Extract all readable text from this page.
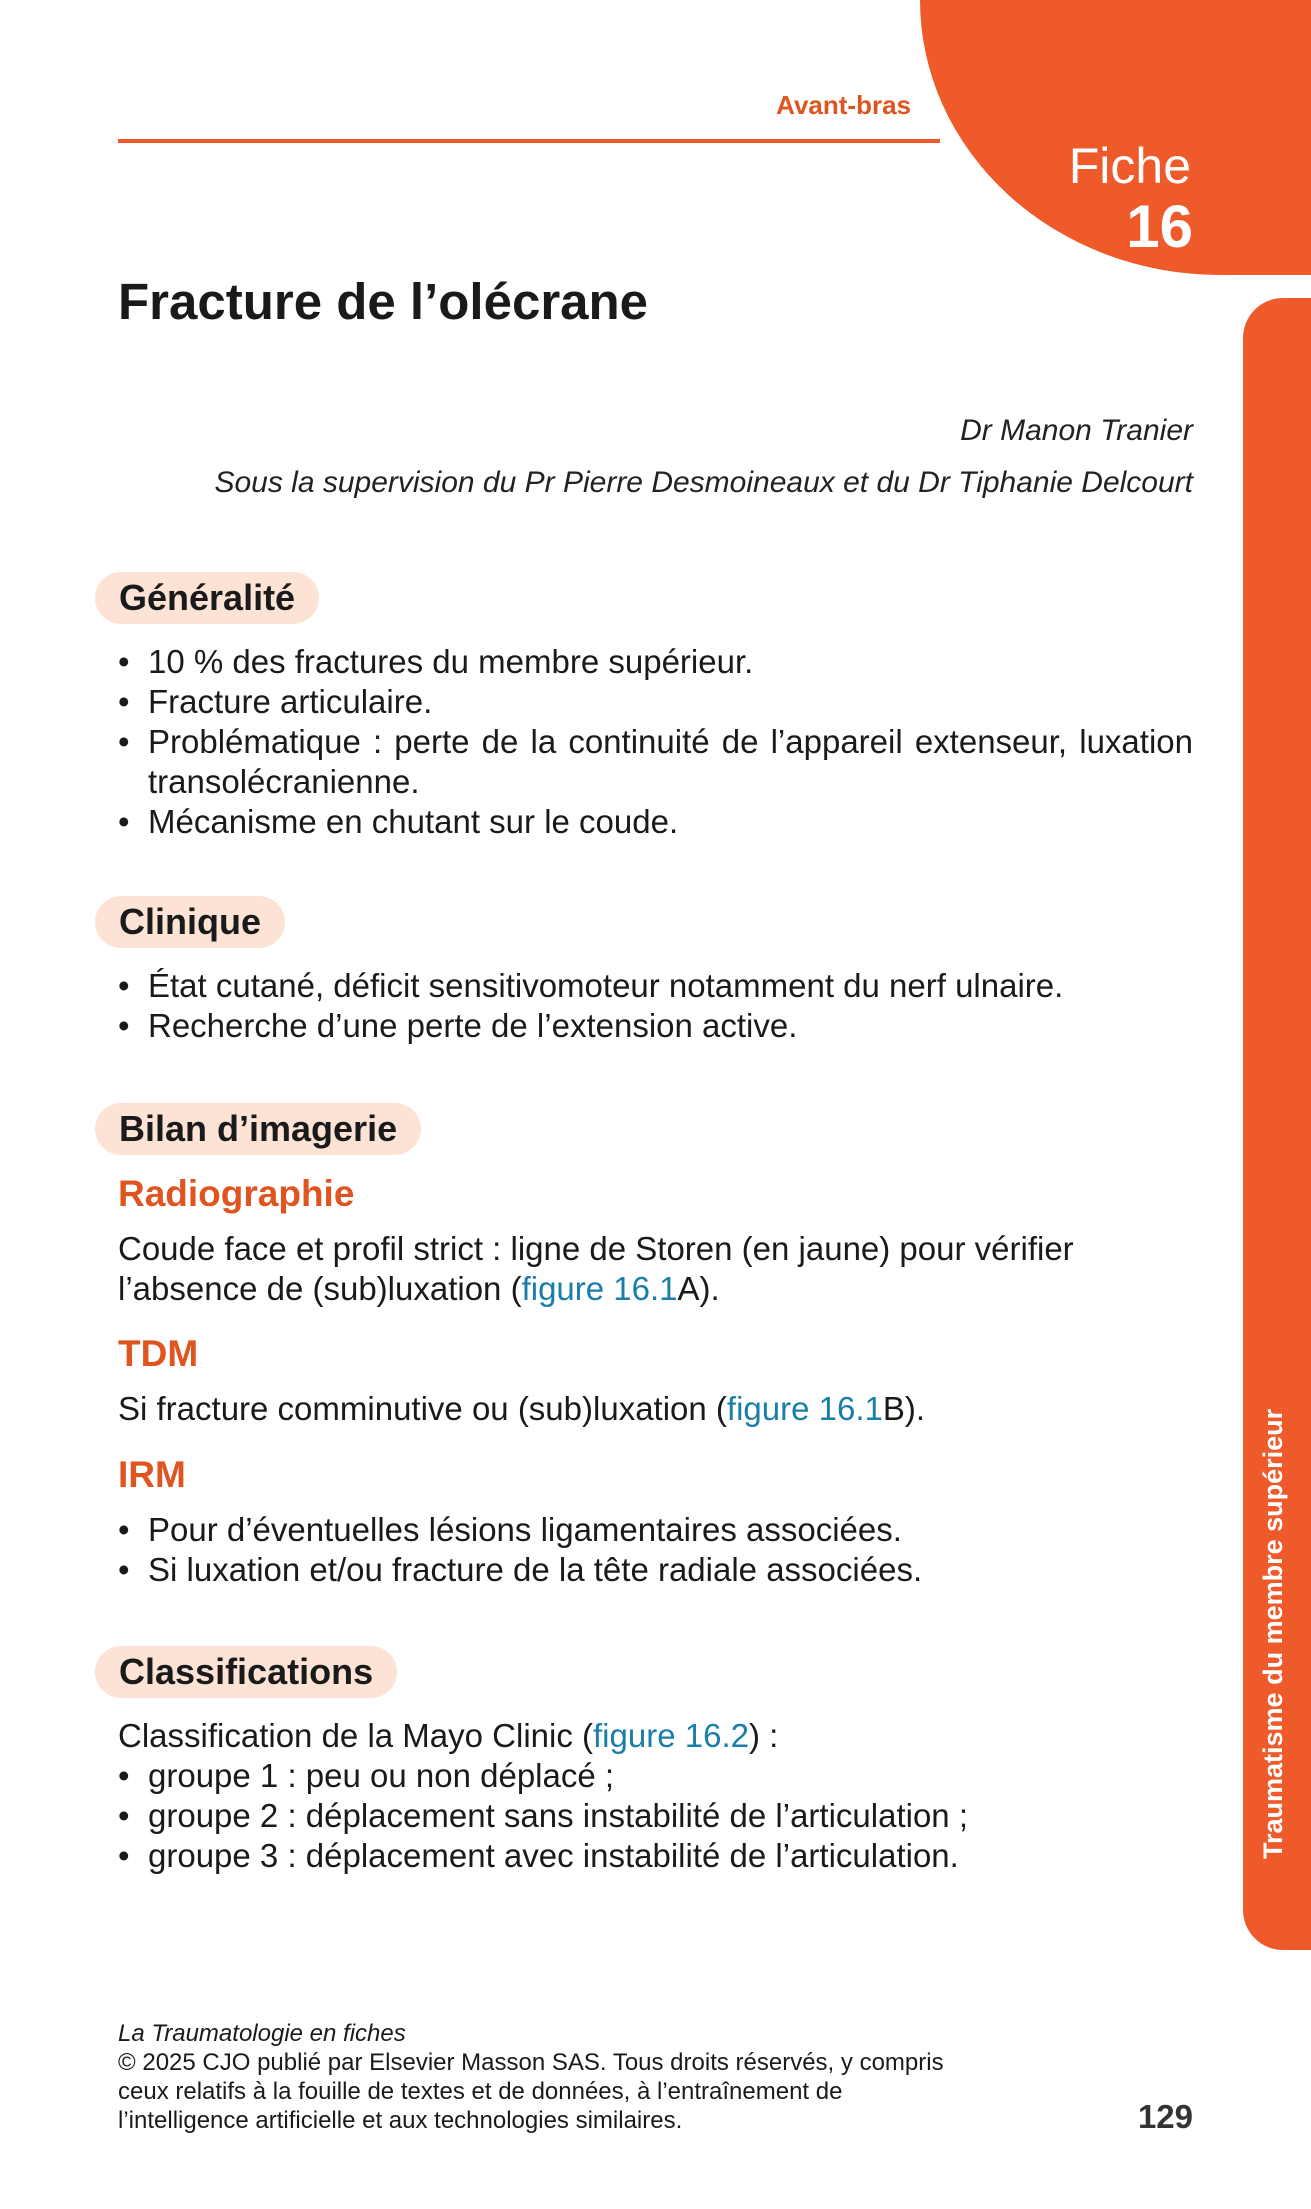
Avant-bras
Fiche
16
Traumatisme du membre supérieur
Fracture de l’olécrane
Dr Manon Tranier
Sous la supervision du Pr Pierre Desmoineaux et du Dr Tiphanie Delcourt
Généralité
• 10 % des fractures du membre supérieur.
• Fracture articulaire.
• Problématique : perte de la continuité de l’appareil extenseur, luxation transolécranienne.
• Mécanisme en chutant sur le coude.
Clinique
• État cutané, déficit sensitivomoteur notamment du nerf ulnaire.
• Recherche d’une perte de l’extension active.
Bilan d’imagerie
Radiographie
Coude face et profil strict : ligne de Storen (en jaune) pour vérifier l’absence de (sub)luxation (figure 16.1A).
TDM
Si fracture comminutive ou (sub)luxation (figure 16.1B).
IRM
• Pour d’éventuelles lésions ligamentaires associées.
• Si luxation et/ou fracture de la tête radiale associées.
Classifications
Classification de la Mayo Clinic (figure 16.2) :
• groupe 1 : peu ou non déplacé ;
• groupe 2 : déplacement sans instabilité de l’articulation ;
• groupe 3 : déplacement avec instabilité de l’articulation.
La Traumatologie en fiches
© 2025 CJO publié par Elsevier Masson SAS. Tous droits réservés, y compris
ceux relatifs à la fouille de textes et de données, à l’entraînement de
l’intelligence artificielle et aux technologies similaires.	129
